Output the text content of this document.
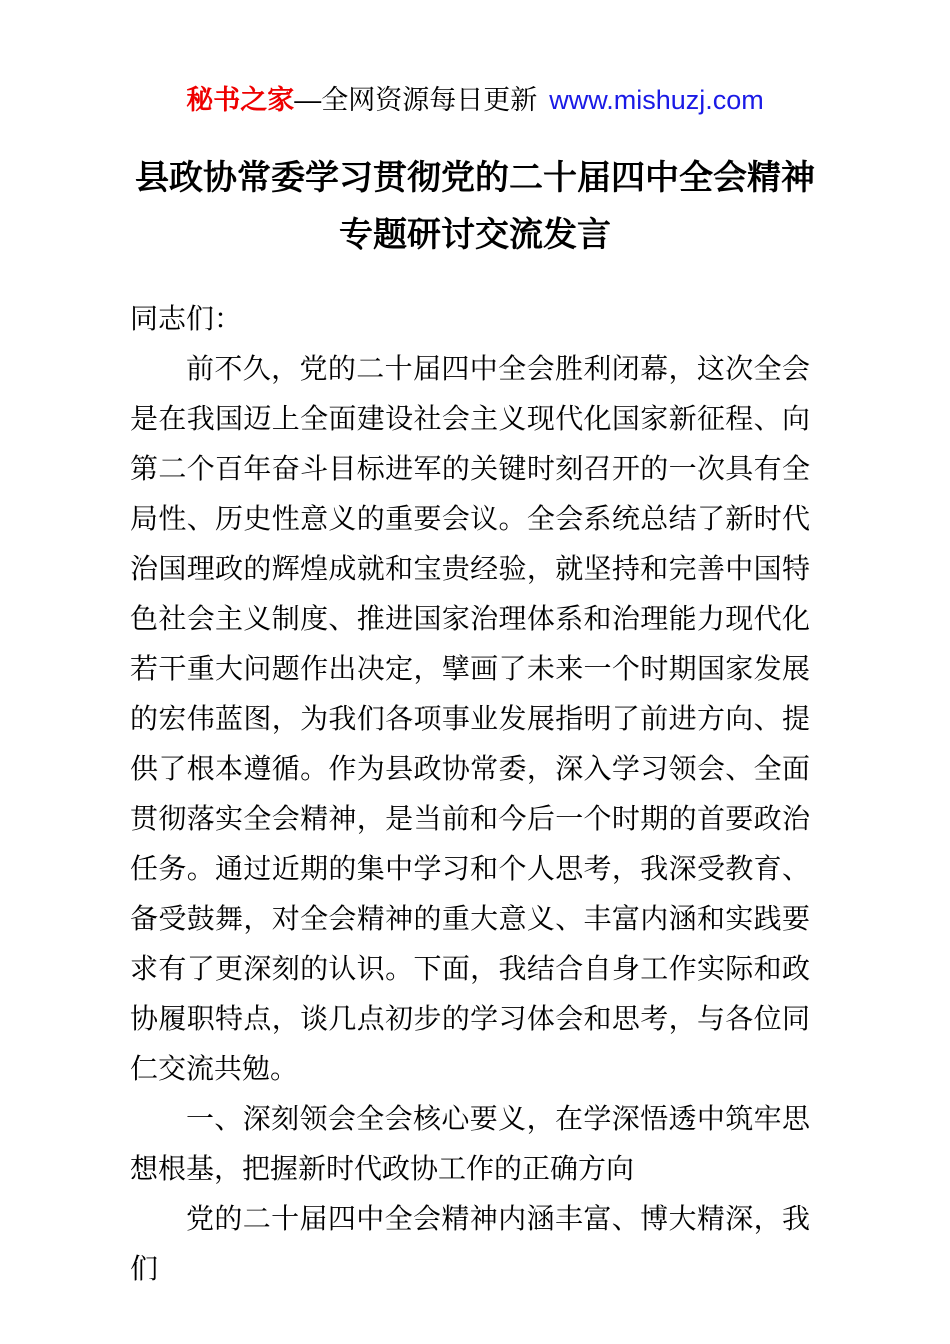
秘书之家—全网资源每日更新 www.mishuzj.com
县政协常委学习贯彻党的二十届四中全会精神
专题研讨交流发言

同志们：

前不久，党的二十届四中全会胜利闭幕，这次全会是在我国迈上全面建设社会主义现代化国家新征程、向第二个百年奋斗目标进军的关键时刻召开的一次具有全局性、历史性意义的重要会议。全会系统总结了新时代治国理政的辉煌成就和宝贵经验，就坚持和完善中国特色社会主义制度、推进国家治理体系和治理能力现代化若干重大问题作出决定，擘画了未来一个时期国家发展的宏伟蓝图，为我们各项事业发展指明了前进方向、提供了根本遵循。作为县政协常委，深入学习领会、全面贯彻落实全会精神，是当前和今后一个时期的首要政治任务。通过近期的集中学习和个人思考，我深受教育、备受鼓舞，对全会精神的重大意义、丰富内涵和实践要求有了更深刻的认识。下面，我结合自身工作实际和政协履职特点，谈几点初步的学习体会和思考，与各位同仁交流共勉。

一、深刻领会全会核心要义，在学深悟透中筑牢思想根基，把握新时代政协工作的正确方向

党的二十届四中全会精神内涵丰富、博大精深，我们
